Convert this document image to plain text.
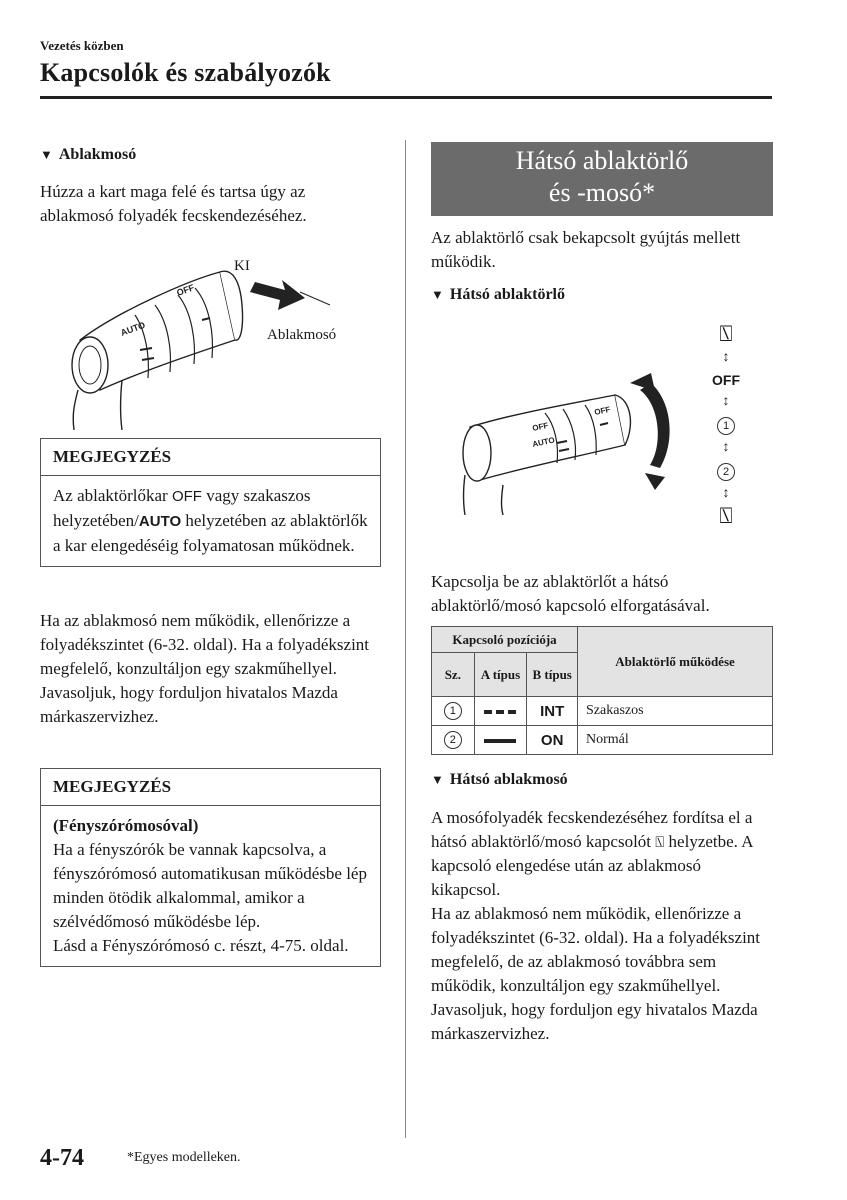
Vezetés közben
Kapcsolók és szabályozók
▼ Ablakmosó
Húzza a kart maga felé és tartsa úgy az ablakmosó folyadék fecskendezéséhez.
AUTO
OFF
KI
Ablakmosó
MEGJEGYZÉS
Az ablaktörlőkar OFF vagy szakaszos helyzetében/AUTO helyzetében az ablaktörlők a kar elengedéséig folyamatosan működnek.
Ha az ablakmosó nem működik, ellenőrizze a folyadékszintet (6-32. oldal). Ha a folyadékszint megfelelő, konzultáljon egy szakműhellyel. Javasoljuk, hogy forduljon hivatalos Mazda márkaszervizhez.
MEGJEGYZÉS
(Fényszórómosóval)
Ha a fényszórók be vannak kapcsolva, a fényszórómosó automatikusan működésbe lép minden ötödik alkalommal, amikor a szélvédőmosó működésbe lép.
Lásd a Fényszórómosó c. részt, 4-75. oldal.
Hátsó ablaktörlő
és -mosó*
Az ablaktörlő csak bekapcsolt gyújtás mellett működik.
▼ Hátsó ablaktörlő
AUTO
OFF
OFF
⍂
↕
OFF
↕
1
↕
2
↕
⍂
Kapcsolja be az ablaktörlőt a hátsó ablaktörlő/mosó kapcsoló elforgatásával.
Kapcsoló pozíciója			Ablaktörlő működése
Sz.	A típus	B típus	
1		INT	Szakaszos
2		ON	Normál
▼ Hátsó ablakmosó
A mosófolyadék fecskendezéséhez fordítsa el a hátsó ablaktörlő/mosó kapcsolót ⍂ helyzetbe. A kapcsoló elengedése után az ablakmosó kikapcsol.
Ha az ablakmosó nem működik, ellenőrizze a folyadékszintet (6-32. oldal). Ha a folyadékszint megfelelő, de az ablakmosó továbbra sem működik, konzultáljon egy szakműhellyel. Javasoljuk, hogy forduljon egy hivatalos Mazda márkaszervizhez.
4-74	*Egyes modelleken.
